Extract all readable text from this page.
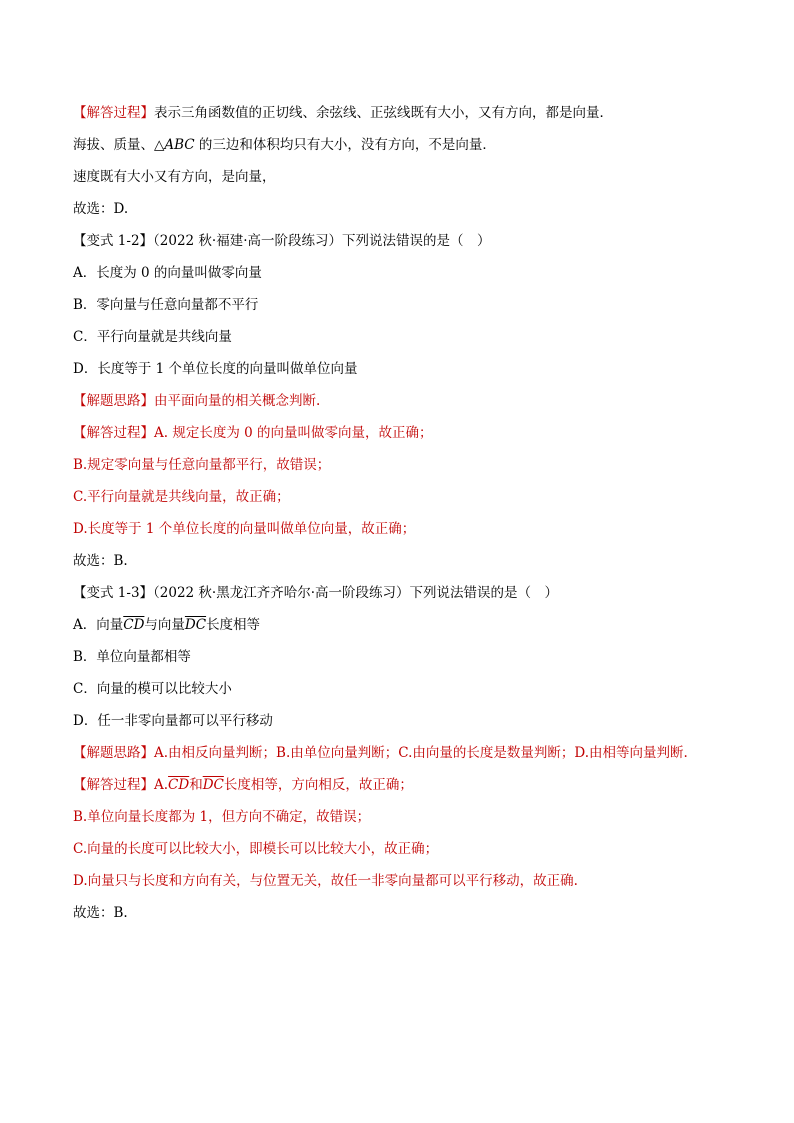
【解答过程】表示三角函数值的正切线、余弦线、正弦线既有大小，又有方向，都是向量．
海拔、质量、△ABC 的三边和体积均只有大小，没有方向，不是向量．
速度既有大小又有方向，是向量，
故选：D.
【变式 1-2】（2022 秋·福建·高一阶段练习）下列说法错误的是（　）
A．长度为 0 的向量叫做零向量
B．零向量与任意向量都不平行
C．平行向量就是共线向量
D．长度等于 1 个单位长度的向量叫做单位向量
【解题思路】由平面向量的相关概念判断.
【解答过程】A. 规定长度为 0 的向量叫做零向量，故正确；
B.规定零向量与任意向量都平行，故错误；
C.平行向量就是共线向量，故正确；
D.长度等于 1 个单位长度的向量叫做单位向量，故正确；
故选：B.
【变式 1-3】（2022 秋·黑龙江齐齐哈尔·高一阶段练习）下列说法错误的是（　）
A．向量$\overline{CD}$与向量$\overline{DC}$长度相等
B．单位向量都相等
C．向量的模可以比较大小
D．任一非零向量都可以平行移动
【解题思路】A.由相反向量判断；B.由单位向量判断；C.由向量的长度是数量判断；D.由相等向量判断.
【解答过程】$A.\overline{CD}$和$\overline{DC}$长度相等，方向相反，故正确；
B.单位向量长度都为 1，但方向不确定，故错误；
C.向量的长度可以比较大小，即模长可以比较大小，故正确；
D.向量只与长度和方向有关，与位置无关，故任一非零向量都可以平行移动，故正确.
故选：B.
